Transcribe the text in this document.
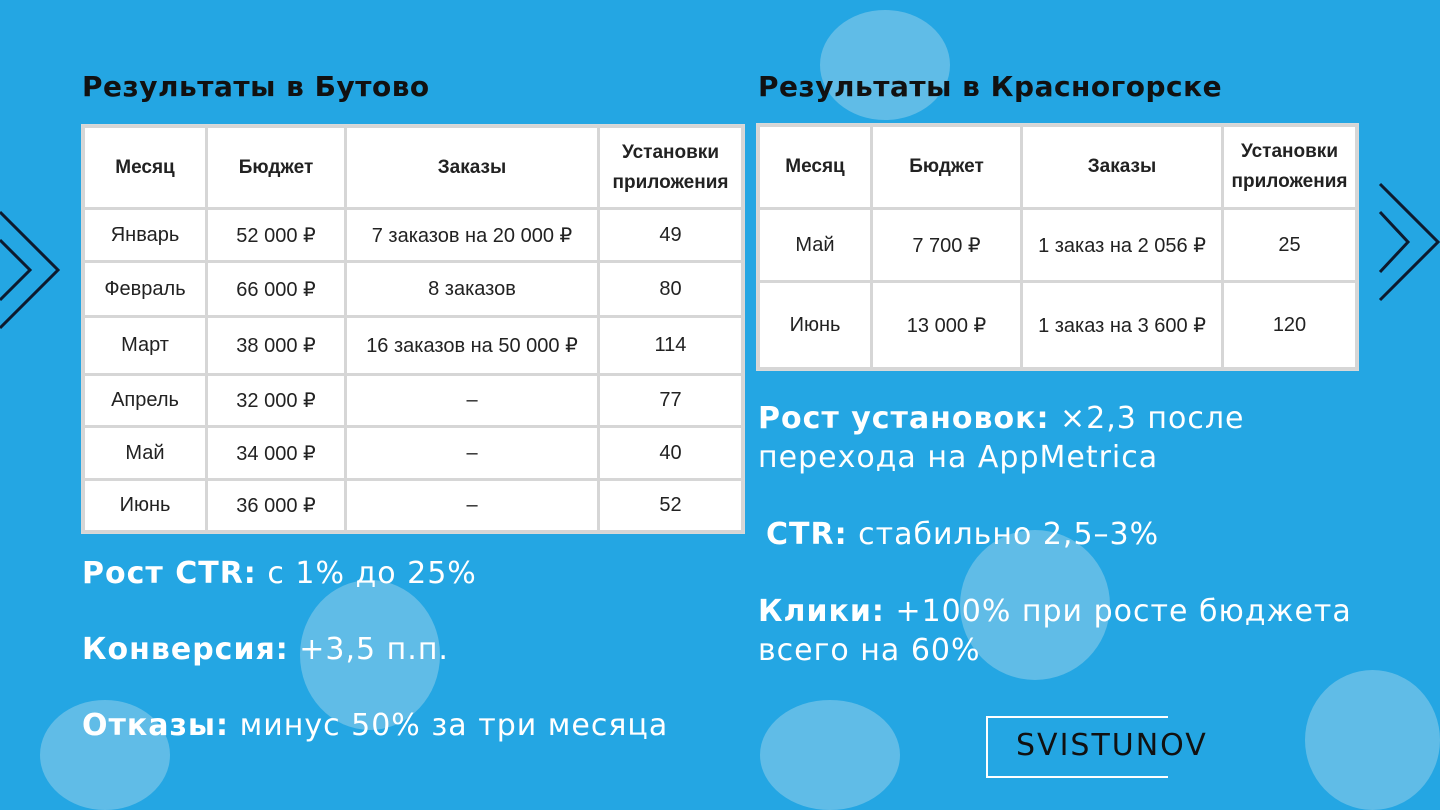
Результаты в Бутово
Месяц	Бюджет	Заказы	Установки приложения
Январь	52 000 ₽	7 заказов на 20 000 ₽	49
Февраль	66 000 ₽	8 заказов	80
Март	38 000 ₽	16 заказов на 50 000 ₽	114
Апрель	32 000 ₽	–	77
Май	34 000 ₽	–	40
Июнь	36 000 ₽	–	52

Рост CTR: с 1% до 25%

Конверсия: +3,5 п.п.

Отказы: минус 50% за три месяца

Результаты в Красногорске
Месяц	Бюджет	Заказы	Установки приложения
Май	7 700 ₽	1 заказ на 2 056 ₽	25
Июнь	13 000 ₽	1 заказ на 3 600 ₽	120

Рост установок: ×2,3 после перехода на AppMetrica

CTR: стабильно 2,5–3%

Клики: +100% при росте бюджета всего на 60%

SVISTUNOV
